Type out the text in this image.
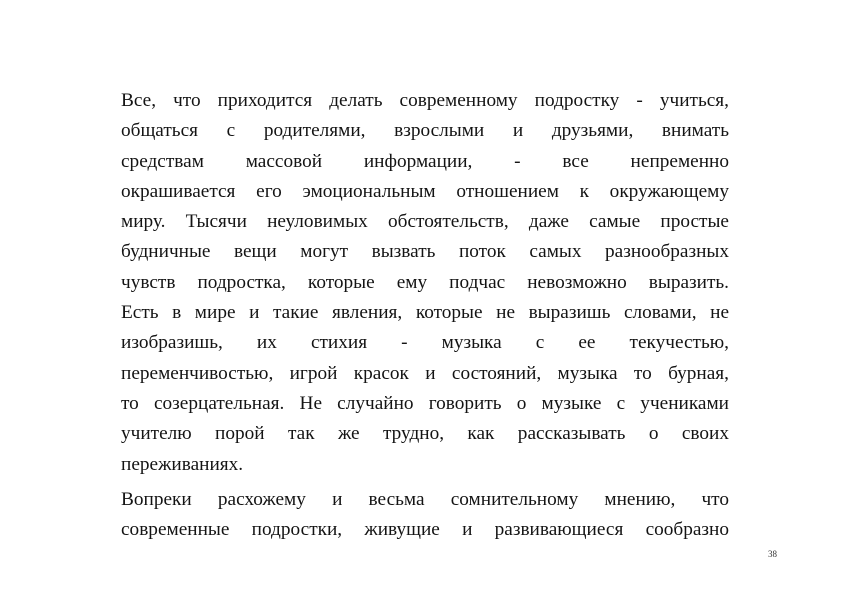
Все, что приходится делать современному подростку - учиться,
общаться с родителями, взрослыми и друзьями, внимать
средствам массовой информации, - все непременно
окрашивается его эмоциональным отношением к окружающему
миру. Тысячи неуловимых обстоятельств, даже самые простые
будничные вещи могут вызвать поток самых разнообразных
чувств подростка, которые ему подчас невозможно выразить.
Есть в мире и такие явления, которые не выразишь словами, не
изобразишь, их стихия - музыка с ее текучестью,
переменчивостью, игрой красок и состояний, музыка то бурная,
то созерцательная. Не случайно говорить о музыке с учениками
учителю порой так же трудно, как рассказывать о своих
переживаниях.
Вопреки расхожему и весьма сомнительному мнению, что
современные подростки, живущие и развивающиеся сообразно
38
